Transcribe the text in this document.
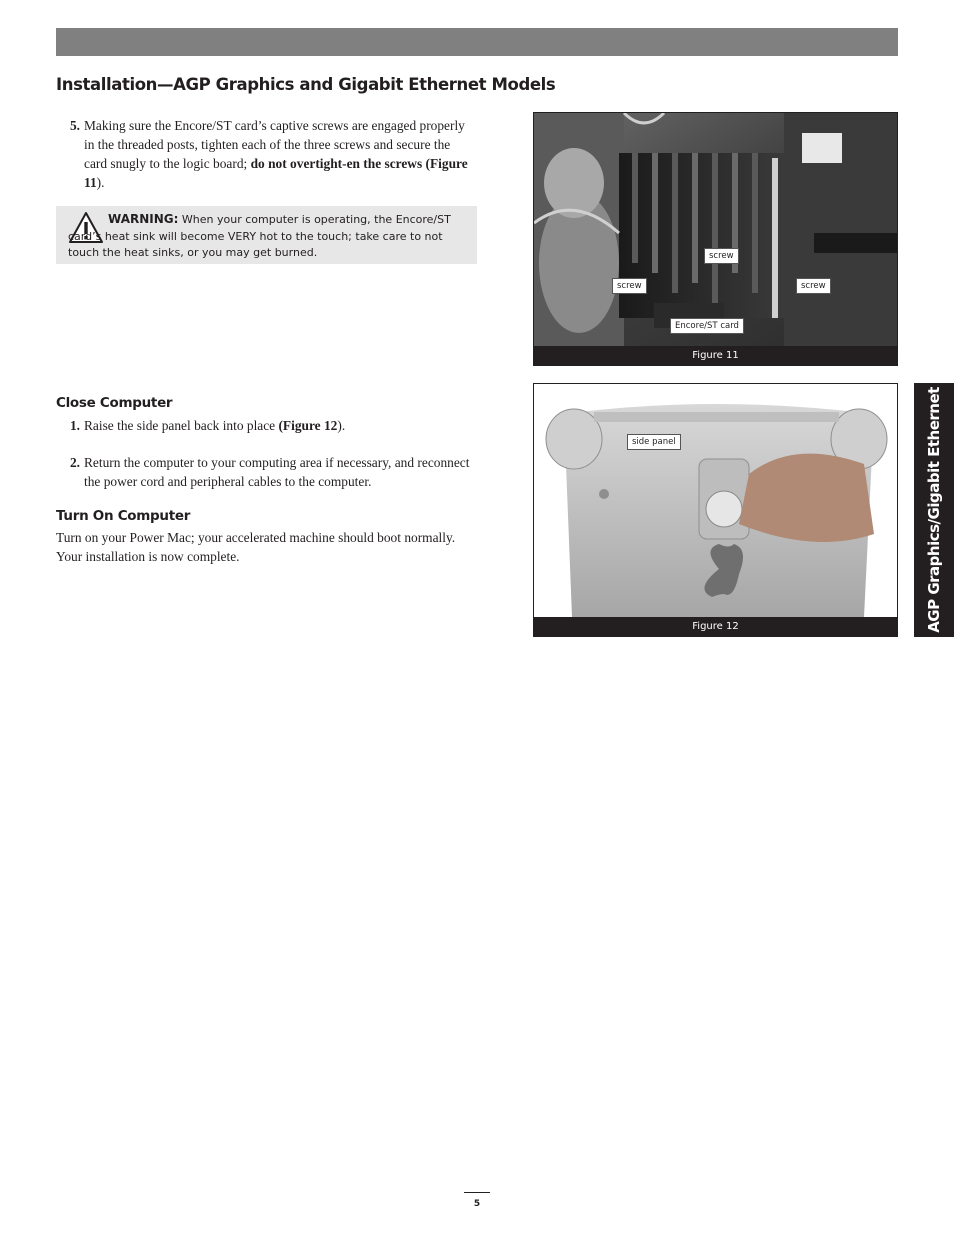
Installation—AGP Graphics and Gigabit Ethernet Models
5. Making sure the Encore/ST card’s captive screws are engaged properly in the threaded posts, tighten each of the three screws and secure the card snugly to the logic board; do not overtight-en the screws (Figure 11).

WARNING: When your computer is operating, the Encore/ST card’s heat sink will become VERY hot to the touch; take care to not touch the heat sinks, or you may get burned.

Close Computer
1. Raise the side panel back into place (Figure 12).

2. Return the computer to your computing area if necessary, and reconnect the power cord and peripheral cables to the computer.

Turn On Computer

Turn on your Power Mac; your accelerated machine should boot normally. Your installation is now complete.

screw
screw	screw
Encore/ST card
Figure 11
side panel
Figure 12	AGP Graphics/Gigabit Ethernet
5
